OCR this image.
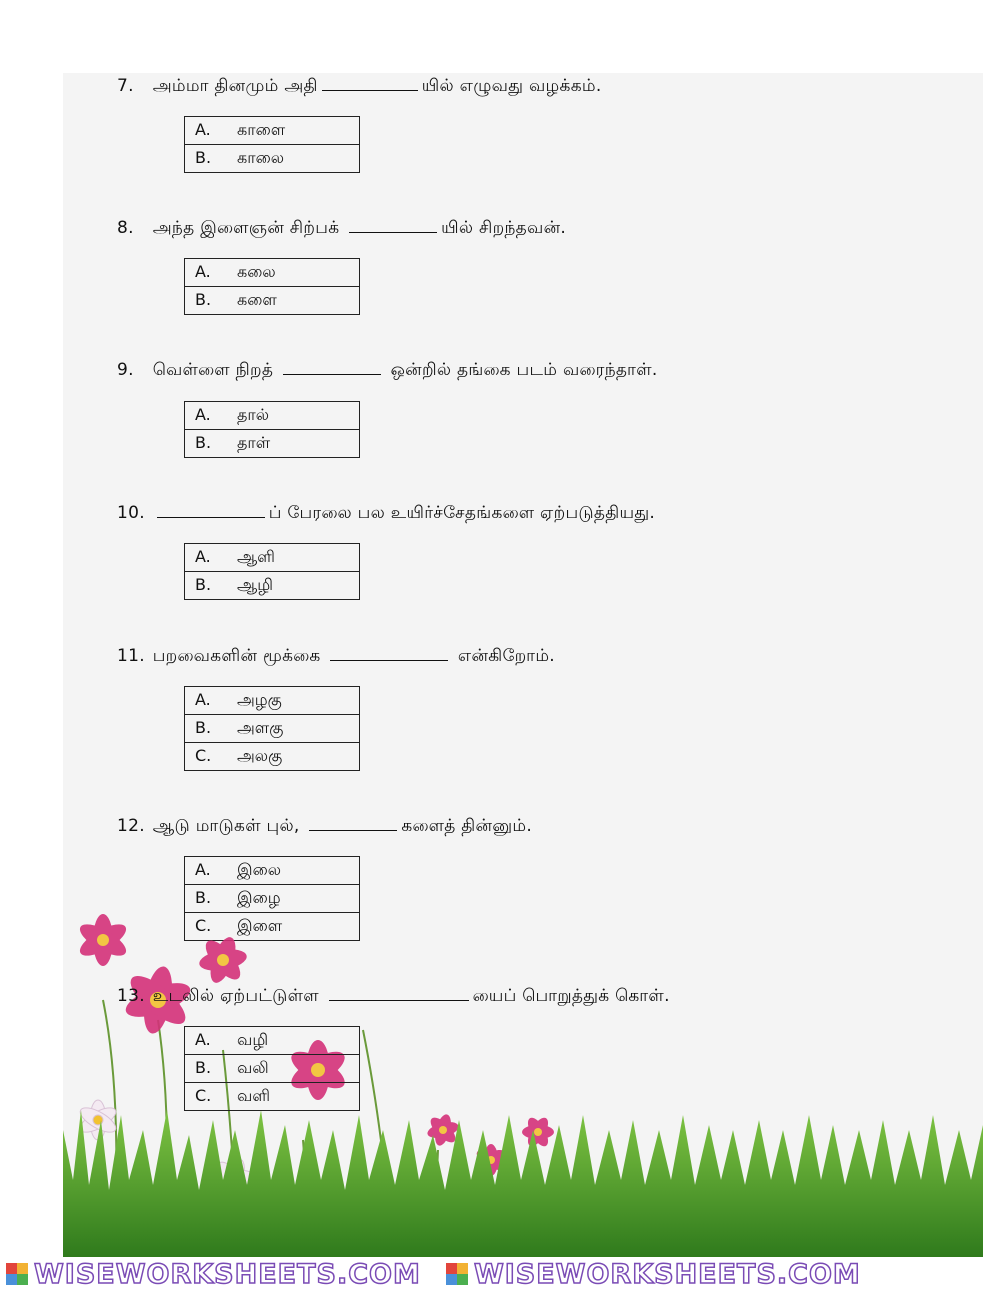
7. அம்மா தினமும் அதி	யில் எழுவது வழக்கம்.
A. காளை
B. காலை
8. அந்த இளைஞன் சிற்பக்	யில் சிறந்தவன்.
A. கலை
B. களை
9. வெள்ளை நிறத்	ஒன்றில் தங்கை படம் வரைந்தாள்.
A. தால்
B. தாள்
10.	ப் பேரலை பல உயிர்ச்சேதங்களை ஏற்படுத்தியது.
A. ஆளி
B. ஆழி
11. பறவைகளின் மூக்கை	என்கிறோம்.
A. அழகு
B. அளகு
C. அலகு
12. ஆடு மாடுகள் புல்,	களைத் தின்னும்.
A. இலை
B. இழை
C. இளை
13. உடலில் ஏற்பட்டுள்ள	யைப் பொறுத்துக் கொள்.
A. வழி
B. வலி
C. வளி
WISEWORKSHEETS.COM
WISEWORKSHEETS.COM
